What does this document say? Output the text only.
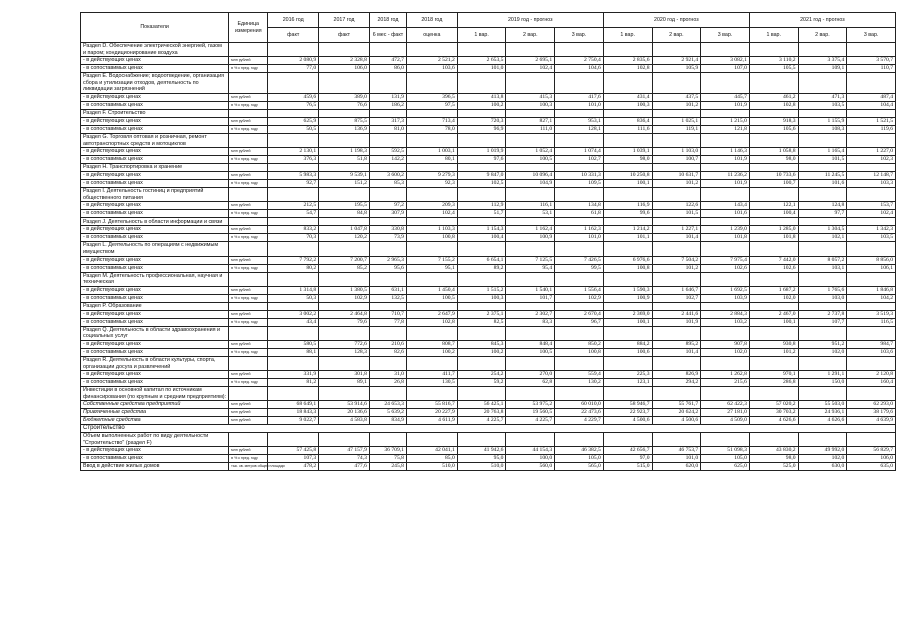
Показатели	Единица измерения	2016 год	2017 год	2018 год	2018 год	2019 год - прогноз			2020 год - прогноз			2021 год - прогноз		
		факт	факт	6 мес - факт	оценка	1 вар.	2 вар.	3 вар.	1 вар.	2 вар.	3 вар.	1 вар.	2 вар.	3 вар.
Раздел D. Обеспечение электрической энергией, газом и паром; кондиционирование воздуха														
- в действующих ценах	млн рублей	2 080,9	2 328,8	472,7	2 521,2	2 653,5	2 695,1	2 750,4	2 835,6	2 921,4	3 082,1	3 110,2	3 375,4	3 570,7
- в сопоставимых ценах	в % к пред. году	77,0	106,0	86,0	103,6	101,0	102,4	104,6	102,8	105,9	107,0	105,5	109,1	110,7
Раздел Е. Водоснабжение; водоотведение, организация сбора и утилизации отходов, деятельность по ликвидации загрязнений														
- в действующих ценах	млн рублей	459,6	389,0	131,9	396,5	413,8	415,3	417,6	431,4	437,5	445,7	461,2	471,3	487,4
- в сопоставимых ценах	в % к пред. году	76,5	76,6	186,2	97,5	100,2	100,3	101,0	100,3	101,2	101,9	102,8	103,5	104,4
Раздел F. Строительство														
- в действующих ценах	млн рублей	625,9	875,5	317,3	713,4	720,3	827,1	953,1	836,4	1 025,1	1 215,0	918,3	1 155,9	1 521,5
- в сопоставимых ценах	в % к пред. году	50,5	136,9	81,0	78,0	96,9	111,0	128,1	111,6	119,1	121,8	105,6	108,3	119,6
Раздел G. Торговля оптовая и розничная, ремонт автотранспортных средств и мотоциклов														
- в действующих ценах	млн рублей	2 130,1	1 198,3	592,5	1 003,1	1 019,9	1 052,4	1 074,4	1 039,1	1 103,0	1 146,3	1 058,8	1 165,4	1 227,0
- в сопоставимых ценах	в % к пред. году	376,3	51,8	142,2	80,1	97,6	100,5	102,7	98,0	100,7	101,9	98,0	101,5	102,3
Раздел H. Транспортировка и хранение														
- в действующих ценах	млн рублей	5 983,3	9 539,1	3 600,2	9 279,3	9 847,0	10 096,4	10 331,3	10 250,8	10 631,7	11 236,2	10 733,6	11 245,5	12 148,7
- в сопоставимых ценах	в % к пред. году	92,7	151,2	85,3	92,3	102,5	104,9	109,5	100,1	101,2	101,9	100,7	101,6	103,3
Раздел I. Деятельность гостиниц и предприятий общественного питания														
- в действующих ценах	млн рублей	212,5	195,5	97,2	209,3	112,9	116,1	134,8	116,9	122,6	143,4	122,1	124,8	153,7
- в сопоставимых ценах	в % к пред. году	54,7	84,8	307,9	102,4	51,7	53,1	61,8	99,6	101,5	101,6	100,4	97,7	102,4
Раздел J. Деятельность в области информации и связи														
- в действующих ценах	млн рублей	833,2	1 047,8	330,8	1 103,3	1 154,3	1 162,4	1 162,3	1 214,2	1 227,1	1 239,0	1 285,0	1 304,5	1 342,3
- в сопоставимых ценах	в % к пред. году	70,3	120,2	73,9	100,8	100,4	100,9	101,0	101,1	101,4	101,8	101,8	102,1	103,5
Раздел L. Деятельность по операциям с недвижимым имуществом														
- в действующих ценах	млн рублей	7 792,2	7 200,7	2 965,3	7 155,2	6 654,1	7 125,5	7 426,5	6 976,6	7 504,2	7 975,4	7 442,0	8 057,2	8 856,0
- в сопоставимых ценах	в % к пред. году	80,2	85,2	95,6	95,1	89,2	95,4	99,5	100,8	101,2	102,6	102,6	103,1	106,1
Раздел M. Деятельность профессиональная, научная и техническая														
- в действующих ценах	млн рублей	1 314,8	1 380,5	631,1	1 450,4	1 515,2	1 540,1	1 556,4	1 590,3	1 646,7	1 692,5	1 687,2	1 765,6	1 846,8
- в сопоставимых ценах	в % к пред. году	50,3	102,9	132,5	100,5	100,3	101,7	102,9	100,9	102,7	103,9	102,0	103,0	104,2
Раздел P. Образование														
- в действующих ценах	млн рублей	3 002,2	2 464,8	710,7	2 647,9	2 375,1	2 302,7	2 670,4	2 369,0	2 441,6	2 884,3	2 467,0	2 737,8	3 519,3
- в сопоставимых ценах	в % к пред. году	43,4	79,6	77,8	102,8	82,5	83,3	96,7	100,1	101,9	103,2	100,1	107,7	116,5
Раздел Q. Деятельность в области здравоохранения и социальных услуг														
- в действующих ценах	млн рублей	580,5	772,6	210,6	808,7	845,3	848,4	850,2	884,2	895,2	907,8	930,8	951,2	984,7
- в сопоставимых ценах	в % к пред. году	88,1	128,3	82,6	100,2	100,2	100,5	100,8	100,6	101,4	102,0	101,2	102,0	103,6
Раздел R. Деятельность в области культуры, спорта, организации досуга и развлечений														
- в действующих ценах	млн рублей	331,9	301,8	31,0	411,7	254,2	270,0	559,4	225,3	826,9	1 262,8	970,1	1 291,1	2 120,8
- в сопоставимых ценах	в % к пред. году	81,2	89,1	26,8	130,5	59,2	62,8	130,2	123,1	294,2	215,6	286,8	150,0	160,4
Инвестиции в основной капитал по источникам финансирования (по крупным и средним предприятиям):														
Собственные средства предприятий	млн рублей	68 649,1	53 914,6	24 653,3	55 816,7	56 425,1	53 975,2	60 010,0	58 946,7	55 761,7	62 422,3	57 020,2	55 503,0	62 293,0
Привлеченные средства	млн рублей	18 843,3	20 136,6	5 639,2	20 227,9	20 763,8	19 560,5	22 473,6	22 923,7	20 624,2	27 181,0	30 703,2	24 936,1	38 179,6
Бюджетные средства	млн рублей	9 022,7	4 583,8	834,9	4 611,9	4 225,7	4 225,7	4 229,7	4 500,6	4 500,6	4 509,0	4 626,6	4 626,6	4 639,9
Строительство														
Объем выполненных работ по виду деятельности "Строительство" (раздел F)														
- в действующих ценах	млн рублей	57 425,8	47 157,9	36 709,1	42 041,1	41 942,6	44 154,3	46 382,5	42 656,7	46 753,7	51 098,3	43 830,2	49 992,0	56 829,7
- в сопоставимых ценах	в % к пред. году	107,3	74,3	75,8	85,0	95,0	100,0	105,0	97,0	101,0	105,0	98,0	102,0	106,0
Ввод в действие жилых домов	тыс. кв. метров общей площади	478,2	477,6	245,8	510,0	510,0	560,0	565,0	515,0	620,0	625,0	525,0	630,0	635,0
